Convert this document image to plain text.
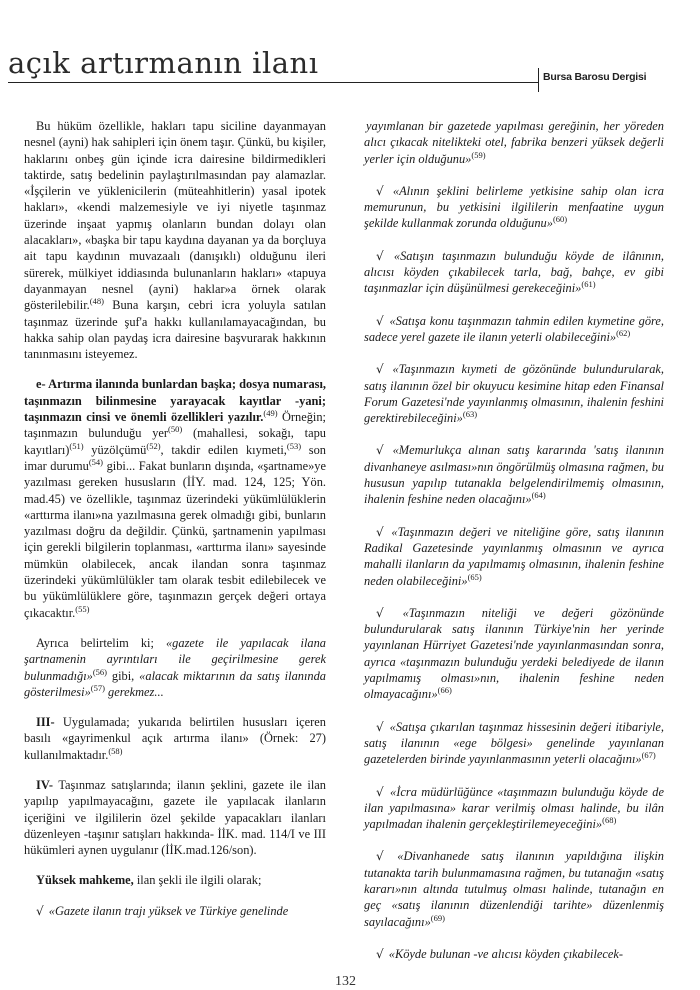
açık artırmanın ilanı	Bursa Barosu Dergisi

Bu hüküm özellikle, hakları tapu siciline dayanmayan nesnel (ayni) hak sahipleri için önem taşır. Çünkü, bu kişiler, haklarını onbeş gün içinde icra dairesine bildirmedikleri taktirde, satış bedelinin paylaştırılmasından pay alamazlar. «İşçilerin ve yüklenicilerin (müteahhitlerin) yasal ipotek hakları», «kendi malzemesiyle ve iyi niyetle taşınmaz üzerinde inşaat yapmış olanların bundan dolayı olan alacakları», «başka bir tapu kaydına dayanan ya da borçluya ait tapu kaydının muvazaalı (danışıklı) olduğunu ileri sürerek, mülkiyet iddiasında bulunanların hakları» «tapuya dayanmayan nesnel (ayni) haklar»a örnek olarak gösterilebilir.$^{(48)}$ Buna karşın, cebri icra yoluyla satılan taşınmaz üzerinde şuf'a hakkı kullanılamayacağından, bu hakka sahip olan paydaş icra dairesine başvurarak hakkının tanınmasını isteyemez.

e- Artırma ilanında bunlardan başka; dosya numarası, taşınmazın bilinmesine yarayacak kayıtlar -yani; taşınmazın cinsi ve önemli özellikleri yazılır.$^{(49)}$ Örneğin; taşınmazın bulunduğu yer$^{(50)}$ (mahallesi, sokağı, tapu kayıtları)$^{(51)}$ yüzölçümü$^{(52)}$, takdir edilen kıymeti,$^{(53)}$ son imar durumu$^{(54)}$ gibi... Fakat bunların dışında, «şartname»ye yazılması gereken hususların (İİY. mad. 124, 125; Yön. mad.45) ve özellikle, taşınmaz üzerindeki yükümlülüklerin «arttırma ilanı»na yazılmasına gerek olmadığı gibi, bunların yazılması doğru da değildir. Çünkü, şartnamenin yapılması için gerekli bilgilerin toplanması, «arttırma ilanı» sayesinde mümkün olabilecek, ancak ilandan sonra taşınmaz üzerindeki yükümlülükler tam olarak tesbit edilebilecek ve bu yükümlülüklere göre, taşınmazın gerçek değeri ortaya çıkacaktır.$^{(55)}$

Ayrıca belirtelim ki; «gazete ile yapılacak ilana şartnamenin ayrıntıları ile geçirilmesine gerek bulunmadığı»$^{(56)}$ gibi, «alacak miktarının da satış ilanında gösterilmesi»$^{(57)}$ gerekmez...

III- Uygulamada; yukarıda belirtilen hususları içeren basılı «gayrimenkul açık artırma ilanı» (Örnek: 27) kullanılmaktadır.$^{(58)}$

IV- Taşınmaz satışlarında; ilanın şeklini, gazete ile ilan yapılıp yapılmayacağını, gazete ile yapılacak ilanların içeriğini ve ilgililerin özel şekilde yapacakları ilanları düzenleyen -taşınır satışları hakkında- İİK. mad. 114/I ve III hükümleri aynen uygulanır (İİK.mad.126/son).

Yüksek mahkeme, ilan şekli ile ilgili olarak;

√ «Gazete ilanın trajı yüksek ve Türkiye genelinde

yayımlanan bir gazetede yapılması gereğinin, her yöreden alıcı çıkacak nitelikteki otel, fabrika benzeri yüksek değerli yerler için olduğunu»$^{(59)}$

√ «Alının şeklini belirleme yetkisine sahip olan icra memurunun, bu yetkisini ilgililerin menfaatine uygun şekilde kullanmak zorunda olduğunu»$^{(60)}$

√ «Satışın taşınmazın bulunduğu köyde de ilânının, alıcısı köyden çıkabilecek tarla, bağ, bahçe, ev gibi taşınmazlar için düşünülmesi gerekeceğini»$^{(61)}$

√ «Satışa konu taşınmazın tahmin edilen kıymetine göre, sadece yerel gazete ile ilanın yeterli olabileceğini»$^{(62)}$

√ «Taşınmazın kıymeti de gözönünde bulundurularak, satış ilanının özel bir okuyucu kesimine hitap eden Finansal Forum Gazetesi'nde yayınlanmış olmasının, ihalenin feshini gerektirebileceğini»$^{(63)}$

√ «Memurlukça alınan satış kararında 'satış ilanının divanhaneye asılması»nın öngörülmüş olmasına rağmen, bu hususun yapılıp tutanakla belgelendirilmemiş olmasının, ihalenin feshine neden olacağını»$^{(64)}$

√ «Taşınmazın değeri ve niteliğine göre, satış ilanının Radikal Gazetesinde yayınlanmış olmasının ve ayrıca mahalli ilanların da yapılmamış olmasının, ihalenin feshine neden olabileceğini»$^{(65)}$

√ «Taşınmazın niteliği ve değeri gözönünde bulundurularak satış ilanının Türkiye'nin her yerinde yayınlanan Hürriyet Gazetesi'nde yayınlanmasından sonra, ayrıca «taşınmazın bulunduğu yerdeki belediyede de ilanın yapılmamış olması»nın, ihalenin feshine neden olmayacağını»$^{(66)}$

√ «Satışa çıkarılan taşınmaz hissesinin değeri itibariyle, satış ilanının «ege bölgesi» genelinde yayınlanan gazetelerden birinde yayınlanmasının yeterli olacağını»$^{(67)}$

√ «İcra müdürlüğünce «taşınmazın bulunduğu köyde de ilan yapılmasına» karar verilmiş olması halinde, bu ilân yapılmadan ihalenin gerçekleştirilemeyeceğini»$^{(68)}$

√ «Divanhanede satış ilanının yapıldığına ilişkin tutanakta tarih bulunmamasına rağmen, bu tutanağın «satış kararı»nın altında tutulmuş olması halinde, tutanağın en geç «satış ilanının düzenlendiği tarihte» düzenlenmiş sayılacağını»$^{(69)}$

√ «Köyde bulunan -ve alıcısı köyden çıkabilecek-

132
